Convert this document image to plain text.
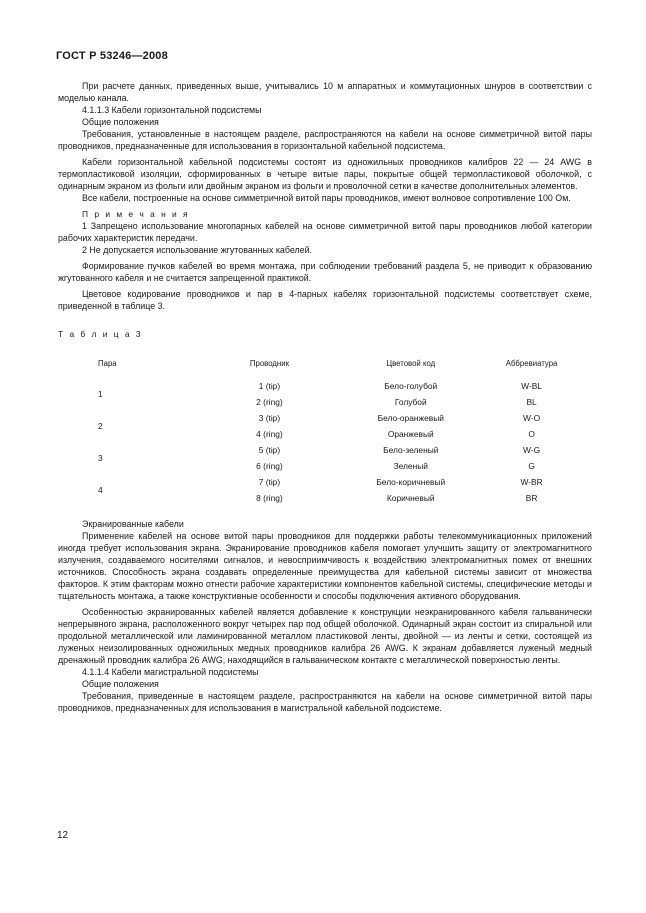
ГОСТ Р 53246—2008

При расчете данных, приведенных выше, учитывались 10 м аппаратных и коммутационных шнуров в соответствии с моделью канала.

4.1.1.3 Кабели горизонтальной подсистемы

Общие положения

Требования, установленные в настоящем разделе, распространяются на кабели на основе симметричной витой пары проводников, предназначенные для использования в горизонтальной кабельной подсистема.

Кабели горизонтальной кабельной подсистемы состоят из одножильных проводников калибров 22 — 24 AWG в термопластиковой изоляции, сформированных в четыре витые пары, покрытые общей термопластиковой оболочкой, с одинарным экраном из фольги или двойным экраном из фольги и проволочной сетки в качестве дополнительных элементов.

Все кабели, построенные на основе симметричной витой пары проводников, имеют волновое сопротивление 100 Ом.

П р и м е ч а н и я

1 Запрещено использование многопарных кабелей на основе симметричной витой пары проводников любой категории рабочих характеристик передачи.

2 Не допускается использование жгутованных кабелей.

Формирование пучков кабелей во время монтажа, при соблюдении требований раздела 5, не приводит к образованию жгутованного кабеля и не считается запрещенной практикой.

Цветовое кодирование проводников и пар в 4-парных кабелях горизонтальной подсистемы соответствует схеме, приведенной в таблице 3.

Т а б л и ц а 3

Пара	Проводник	Цветовой код	Аббревиатура
1	1 (tip)	Бело-голубой	W-BL
	2 (ring)	Голубой	BL
2	3 (tip)	Бело-оранжевый	W-O
	4 (ring)	Оранжевый	O
3	5 (tip)	Бело-зеленый	W-G
	6 (ring)	Зеленый	G
4	7 (tip)	Бело-коричневый	W-BR
	8 (ring)	Коричневый	BR

Экранированные кабели

Применение кабелей на основе витой пары проводников для поддержки работы телекоммуникационных приложений иногда требует использования экрана. Экранирование проводников кабеля помогает улучшить защиту от электромагнитного излучения, создаваемого носителями сигналов, и невосприимчивость к воздействию электромагнитных помех от внешних источников. Способность экрана создавать определенные преимущества для кабельной системы зависит от множества факторов. К этим факторам можно отнести рабочие характеристики компонентов кабельной системы, специфические методы и тщательность монтажа, а также конструктивные особенности и способы подключения активного оборудования.

Особенностью экранированных кабелей является добавление к конструкции неэкранированного кабеля гальванически непрерывного экрана, расположенного вокруг четырех пар под общей оболочкой. Одинарный экран состоит из спиральной или продольной металлической или ламинированной металлом пластиковой ленты, двойной — из ленты и сетки, состоящей из луженых неизолированных одножильных медных проводников калибра 26 AWG. К экранам добавляется луженый медный дренажный проводник калибра 26 AWG, находящийся в гальваническом контакте с металлической поверхностью ленты.

4.1.1.4 Кабели магистральной подсистемы

Общие положения

Требования, приведенные в настоящем разделе, распространяются на кабели на основе симметричной витой пары проводников, предназначенных для использования в магистральной кабельной подсистеме.

12
